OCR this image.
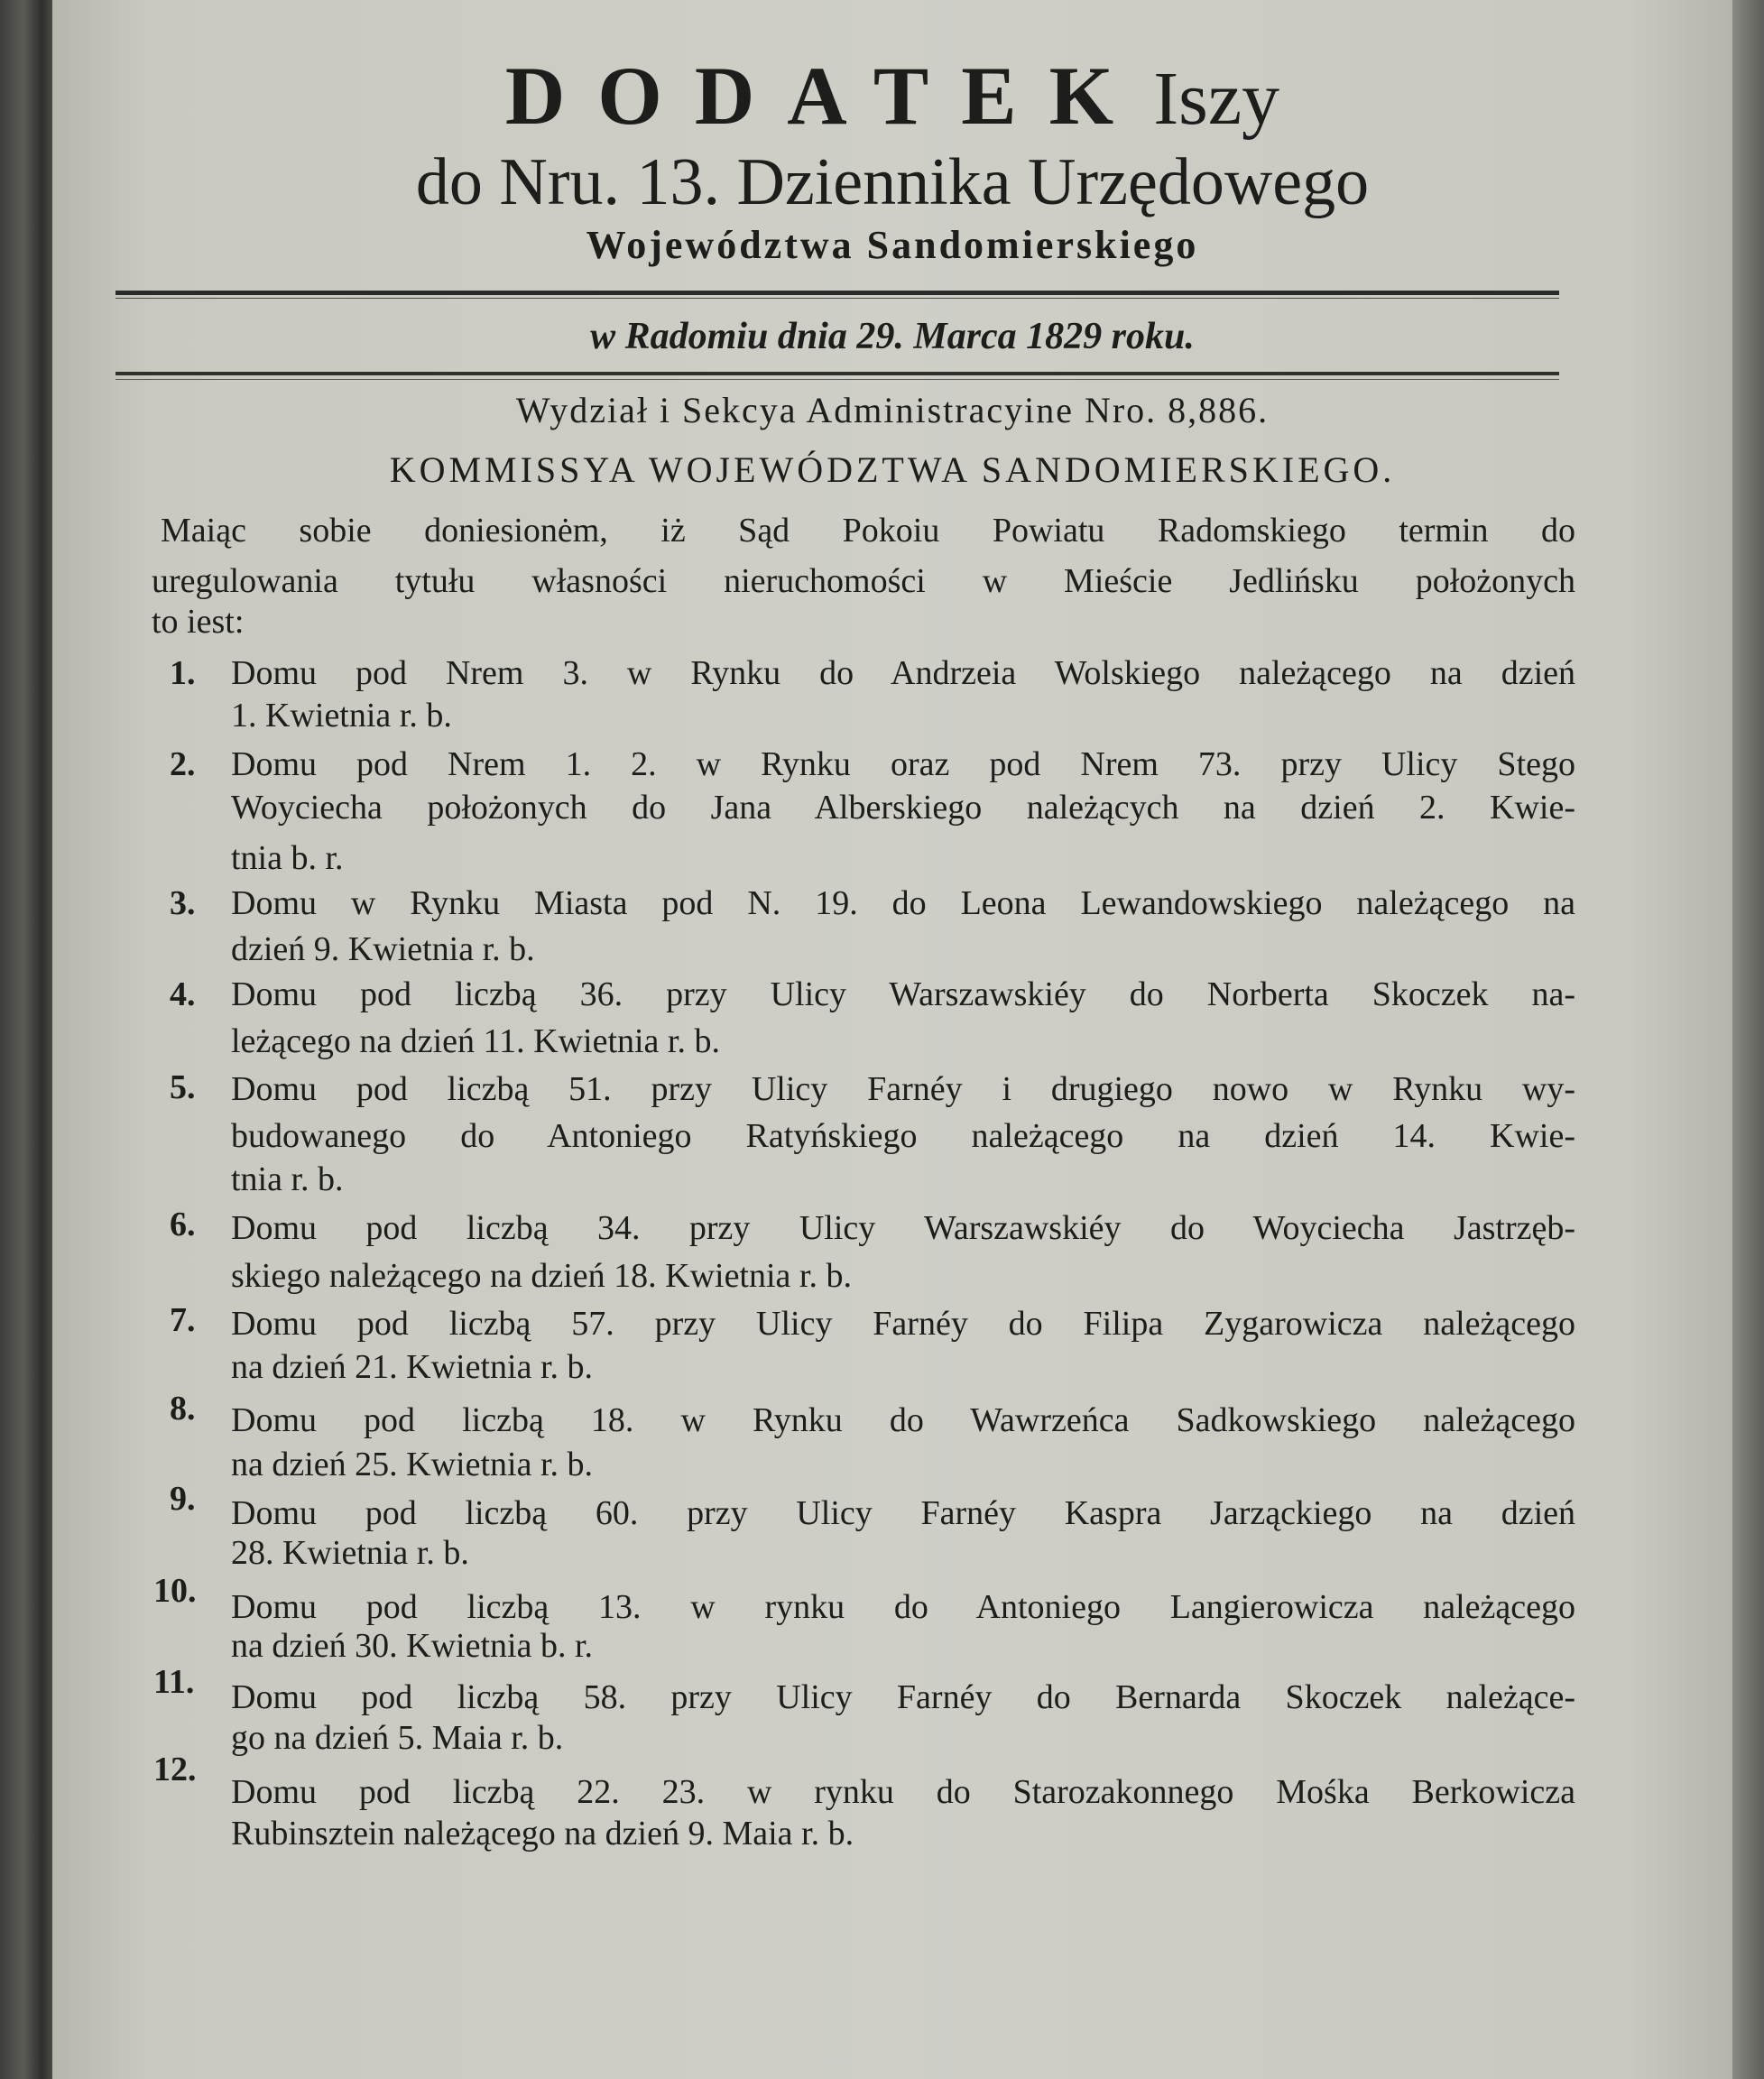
DODATEKIszy
do Nru. 13. Dziennika Urzędowego
Województwa Sandomierskiego
w Radomiu dnia 29. Marca 1829 roku.
Wydział i Sekcya Administracyine Nro. 8,886.
KOMMISSYA WOJEWÓDZTWA SANDOMIERSKIEGO.
Maiąc sobie doniesionėm, iż Sąd Pokoiu Powiatu Radomskiego termin do
uregulowania tytułu własności nieruchomości w Mieście Jedlińsku położonych
to iest:
1. Domu pod Nrem 3. w Rynku do Andrzeia Wolskiego należącego na dzień
1. Kwietnia r. b.
2. Domu pod Nrem 1. 2. w Rynku oraz pod Nrem 73. przy Ulicy Stego
Woyciecha położonych do Jana Alberskiego należących na dzień 2. Kwie-
tnia b. r.
3. Domu w Rynku Miasta pod N. 19. do Leona Lewandowskiego należącego na
dzień 9. Kwietnia r. b.
4. Domu pod liczbą 36. przy Ulicy Warszawskiéy do Norberta Skoczek na-
leżącego na dzień 11. Kwietnia r. b.
5. Domu pod liczbą 51. przy Ulicy Farnéy i drugiego nowo w Rynku wy-
budowanego do Antoniego Ratyńskiego należącego na dzień 14. Kwie-
tnia r. b.
6. Domu pod liczbą 34. przy Ulicy Warszawskiéy do Woyciecha Jastrzęb-
skiego należącego na dzień 18. Kwietnia r. b.
7. Domu pod liczbą 57. przy Ulicy Farnéy do Filipa Zygarowicza należącego
na dzień 21. Kwietnia r. b.
8. Domu pod liczbą 18. w Rynku do Wawrzeńca Sadkowskiego należącego
na dzień 25. Kwietnia r. b.
9. Domu pod liczbą 60. przy Ulicy Farnéy Kaspra Jarząckiego na dzień
28. Kwietnia r. b.
10. Domu pod liczbą 13. w rynku do Antoniego Langierowicza należącego
na dzień 30. Kwietnia b. r.
11. Domu pod liczbą 58. przy Ulicy Farnéy do Bernarda Skoczek należące-
go na dzień 5. Maia r. b.
12.
Domu pod liczbą 22. 23. w rynku do Starozakonnego Mośka Berkowicza
Rubinsztein należącego na dzień 9. Maia r. b.
